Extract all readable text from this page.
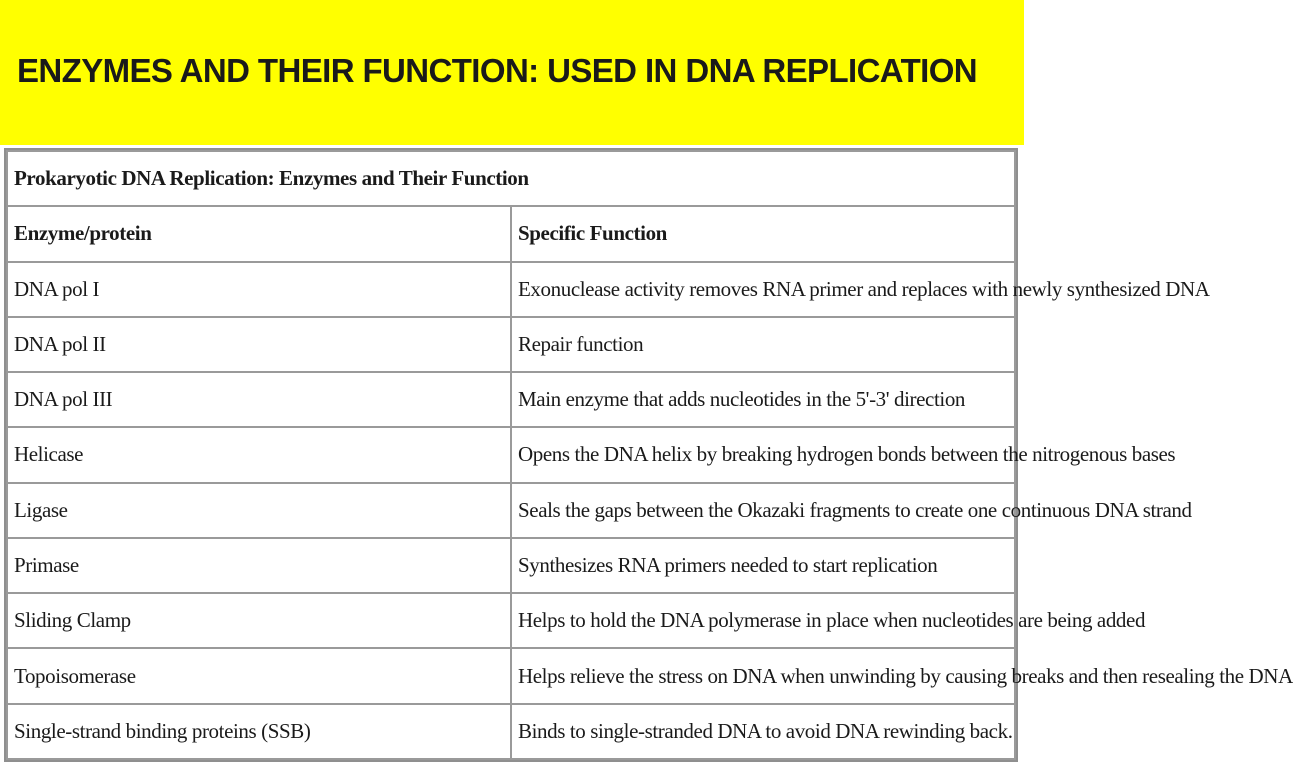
ENZYMES AND THEIR FUNCTION: USED IN DNA REPLICATION
Prokaryotic DNA Replication: Enzymes and Their Function	
Enzyme/protein	Specific Function
DNA pol I	Exonuclease activity removes RNA primer and replaces with newly synthesized DNA
DNA pol II	Repair function
DNA pol III	Main enzyme that adds nucleotides in the 5'-3' direction
Helicase	Opens the DNA helix by breaking hydrogen bonds between the nitrogenous bases
Ligase	Seals the gaps between the Okazaki fragments to create one continuous DNA strand
Primase	Synthesizes RNA primers needed to start replication
Sliding Clamp	Helps to hold the DNA polymerase in place when nucleotides are being added
Topoisomerase	Helps relieve the stress on DNA when unwinding by causing breaks and then resealing the DNA
Single-strand binding proteins (SSB)	Binds to single-stranded DNA to avoid DNA rewinding back.
